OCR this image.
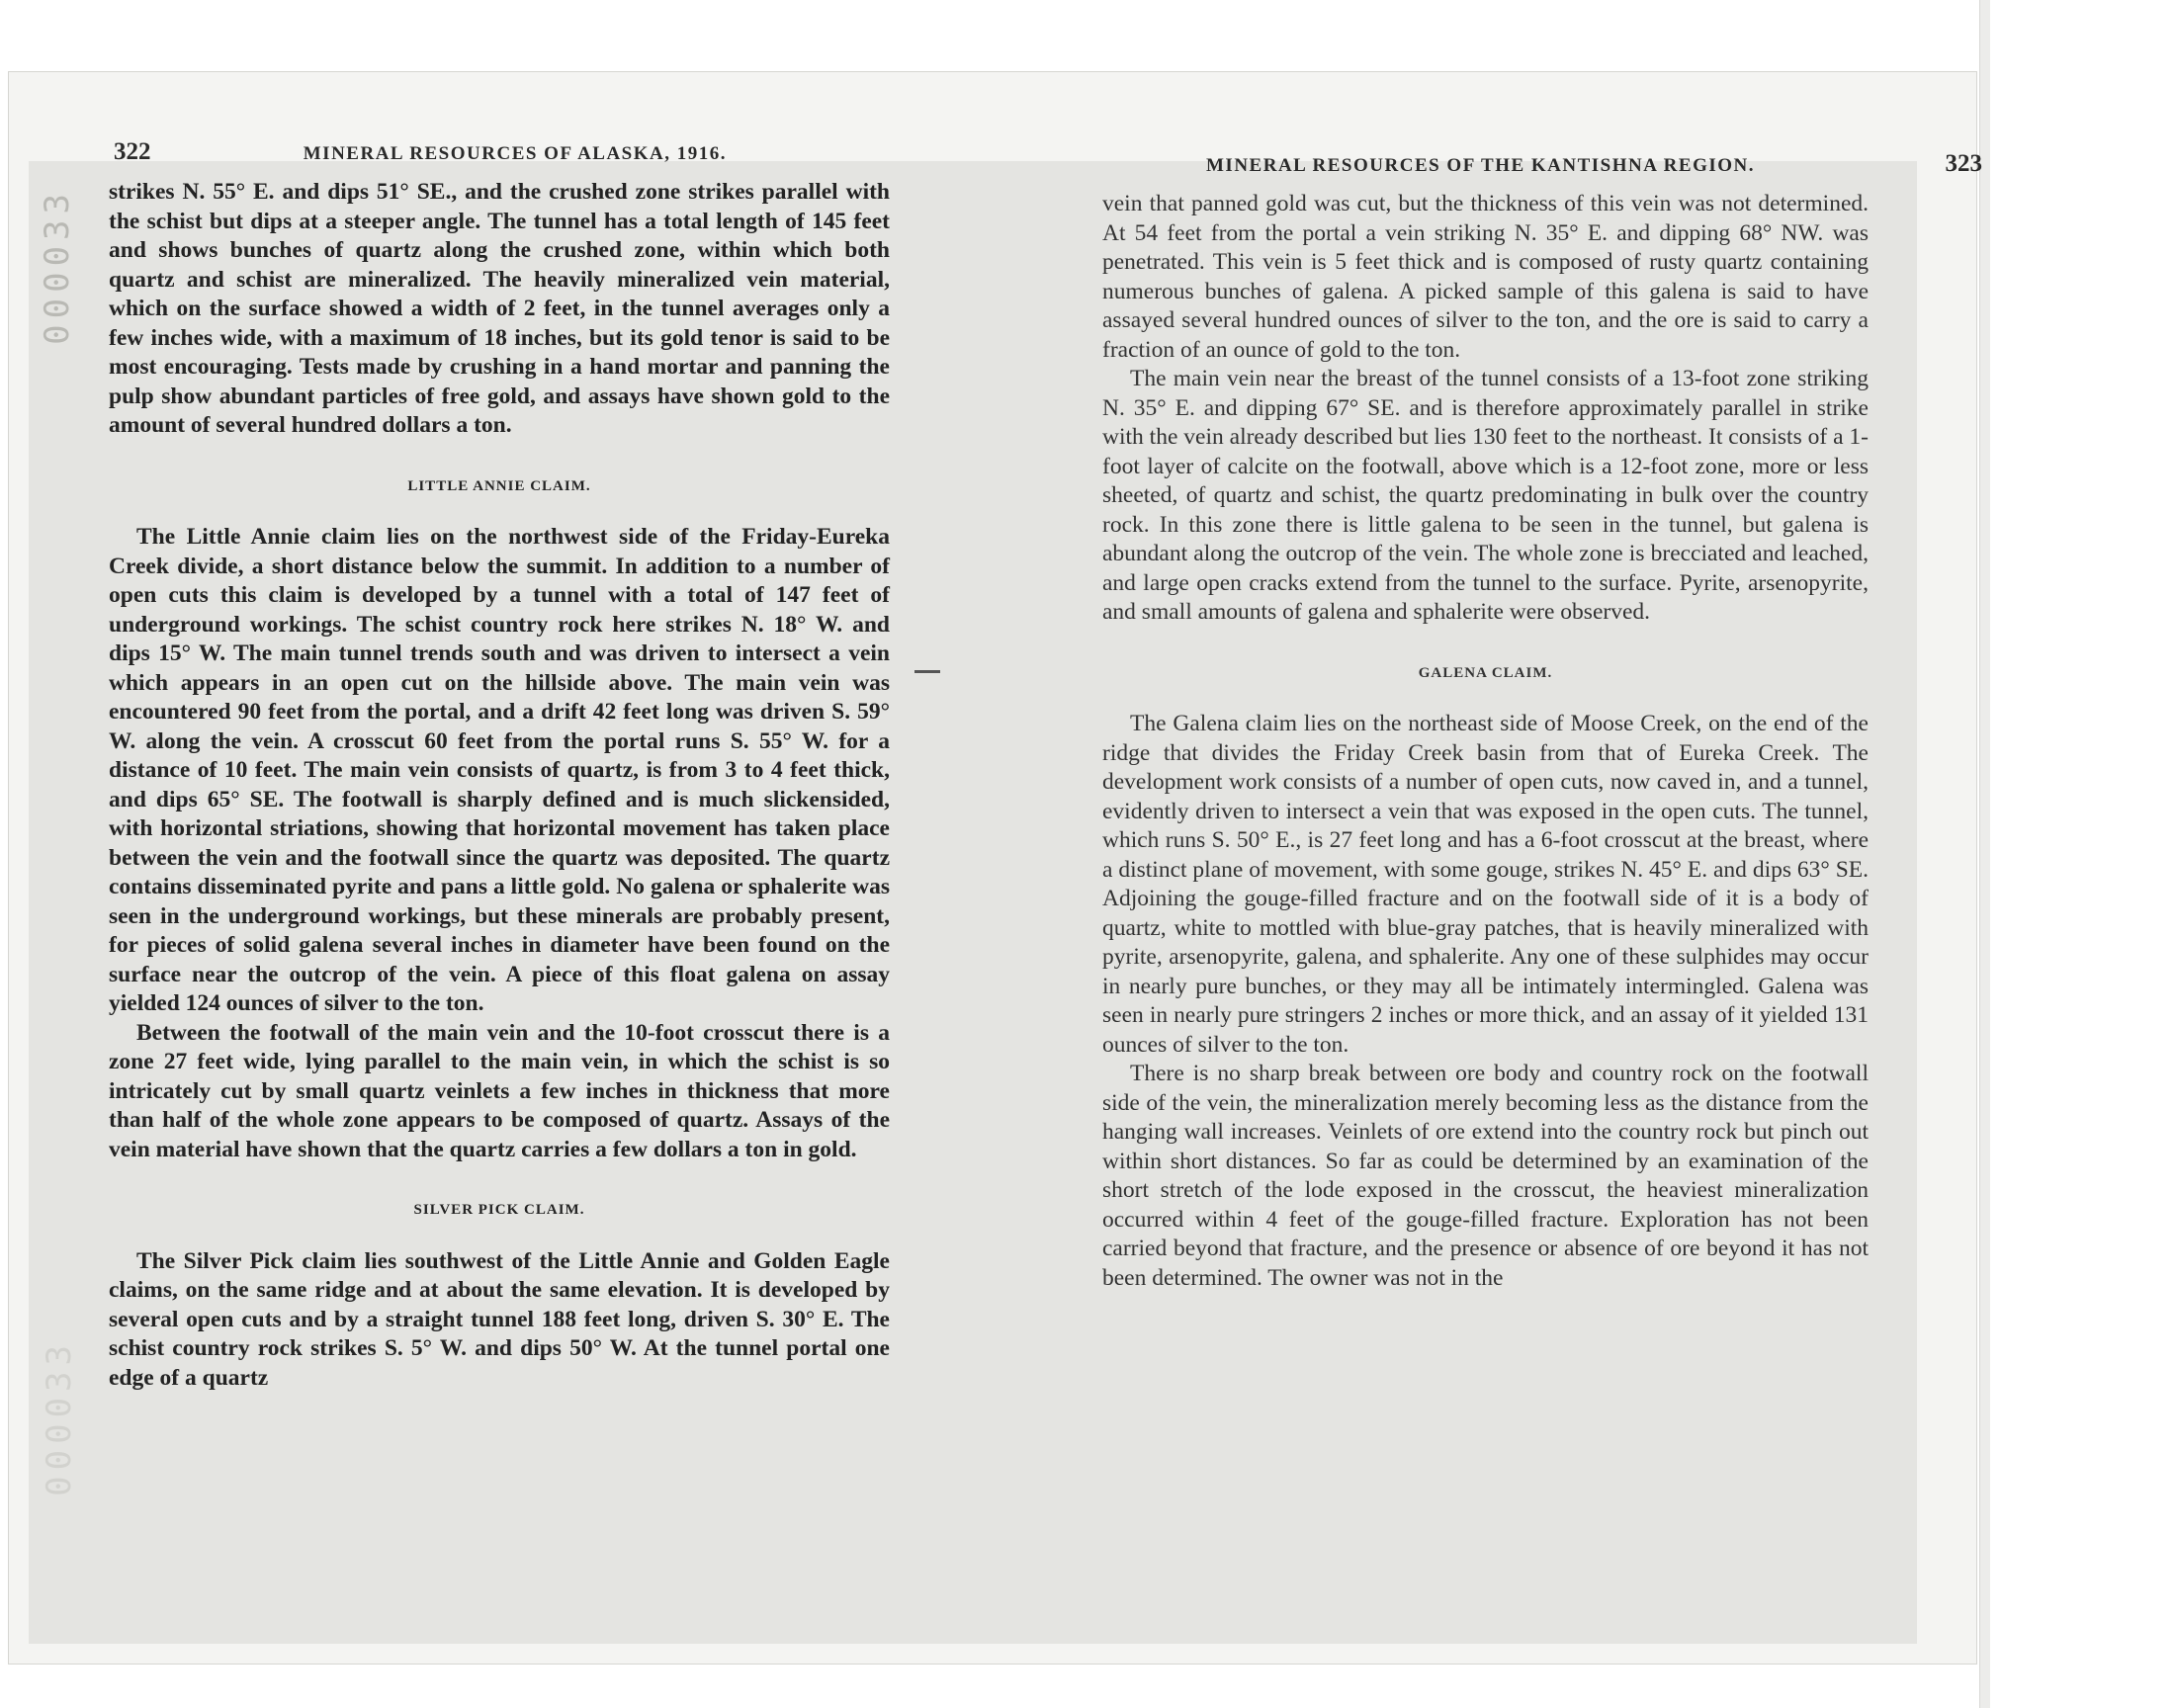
000033
000033
322	MINERAL RESOURCES OF ALASKA, 1916.

strikes N. 55° E. and dips 51° SE., and the crushed zone strikes parallel with the schist but dips at a steeper angle. The tunnel has a total length of 145 feet and shows bunches of quartz along the crushed zone, within which both quartz and schist are mineralized. The heavily mineralized vein material, which on the surface showed a width of 2 feet, in the tunnel averages only a few inches wide, with a maximum of 18 inches, but its gold tenor is said to be most encouraging. Tests made by crushing in a hand mortar and panning the pulp show abundant particles of free gold, and assays have shown gold to the amount of several hundred dollars a ton.

LITTLE ANNIE CLAIM.

The Little Annie claim lies on the northwest side of the Friday-Eureka Creek divide, a short distance below the summit. In addition to a number of open cuts this claim is developed by a tunnel with a total of 147 feet of underground workings. The schist country rock here strikes N. 18° W. and dips 15° W. The main tunnel trends south and was driven to intersect a vein which appears in an open cut on the hillside above. The main vein was encountered 90 feet from the portal, and a drift 42 feet long was driven S. 59° W. along the vein. A crosscut 60 feet from the portal runs S. 55° W. for a distance of 10 feet. The main vein consists of quartz, is from 3 to 4 feet thick, and dips 65° SE. The footwall is sharply defined and is much slickensided, with horizontal striations, showing that horizontal movement has taken place between the vein and the footwall since the quartz was deposited. The quartz contains disseminated pyrite and pans a little gold. No galena or sphalerite was seen in the underground workings, but these minerals are probably present, for pieces of solid galena several inches in diameter have been found on the surface near the outcrop of the vein. A piece of this float galena on assay yielded 124 ounces of silver to the ton.

Between the footwall of the main vein and the 10-foot crosscut there is a zone 27 feet wide, lying parallel to the main vein, in which the schist is so intricately cut by small quartz veinlets a few inches in thickness that more than half of the whole zone appears to be composed of quartz. Assays of the vein material have shown that the quartz carries a few dollars a ton in gold.

SILVER PICK CLAIM.

The Silver Pick claim lies southwest of the Little Annie and Golden Eagle claims, on the same ridge and at about the same elevation. It is developed by several open cuts and by a straight tunnel 188 feet long, driven S. 30° E. The schist country rock strikes S. 5° W. and dips 50° W. At the tunnel portal one edge of a quartz

MINERAL RESOURCES OF THE KANTISHNA REGION.	323

vein that panned gold was cut, but the thickness of this vein was not determined. At 54 feet from the portal a vein striking N. 35° E. and dipping 68° NW. was penetrated. This vein is 5 feet thick and is composed of rusty quartz containing numerous bunches of galena. A picked sample of this galena is said to have assayed several hundred ounces of silver to the ton, and the ore is said to carry a fraction of an ounce of gold to the ton.

The main vein near the breast of the tunnel consists of a 13-foot zone striking N. 35° E. and dipping 67° SE. and is therefore approximately parallel in strike with the vein already described but lies 130 feet to the northeast. It consists of a 1-foot layer of calcite on the footwall, above which is a 12-foot zone, more or less sheeted, of quartz and schist, the quartz predominating in bulk over the country rock. In this zone there is little galena to be seen in the tunnel, but galena is abundant along the outcrop of the vein. The whole zone is brecciated and leached, and large open cracks extend from the tunnel to the surface. Pyrite, arsenopyrite, and small amounts of galena and sphalerite were observed.

GALENA CLAIM.

The Galena claim lies on the northeast side of Moose Creek, on the end of the ridge that divides the Friday Creek basin from that of Eureka Creek. The development work consists of a number of open cuts, now caved in, and a tunnel, evidently driven to intersect a vein that was exposed in the open cuts. The tunnel, which runs S. 50° E., is 27 feet long and has a 6-foot crosscut at the breast, where a distinct plane of movement, with some gouge, strikes N. 45° E. and dips 63° SE. Adjoining the gouge-filled fracture and on the footwall side of it is a body of quartz, white to mottled with blue-gray patches, that is heavily mineralized with pyrite, arsenopyrite, galena, and sphalerite. Any one of these sulphides may occur in nearly pure bunches, or they may all be intimately intermingled. Galena was seen in nearly pure stringers 2 inches or more thick, and an assay of it yielded 131 ounces of silver to the ton.

There is no sharp break between ore body and country rock on the footwall side of the vein, the mineralization merely becoming less as the distance from the hanging wall increases. Veinlets of ore extend into the country rock but pinch out within short distances. So far as could be determined by an examination of the short stretch of the lode exposed in the crosscut, the heaviest mineralization occurred within 4 feet of the gouge-filled fracture. Exploration has not been carried beyond that fracture, and the presence or absence of ore beyond it has not been determined. The owner was not in the
